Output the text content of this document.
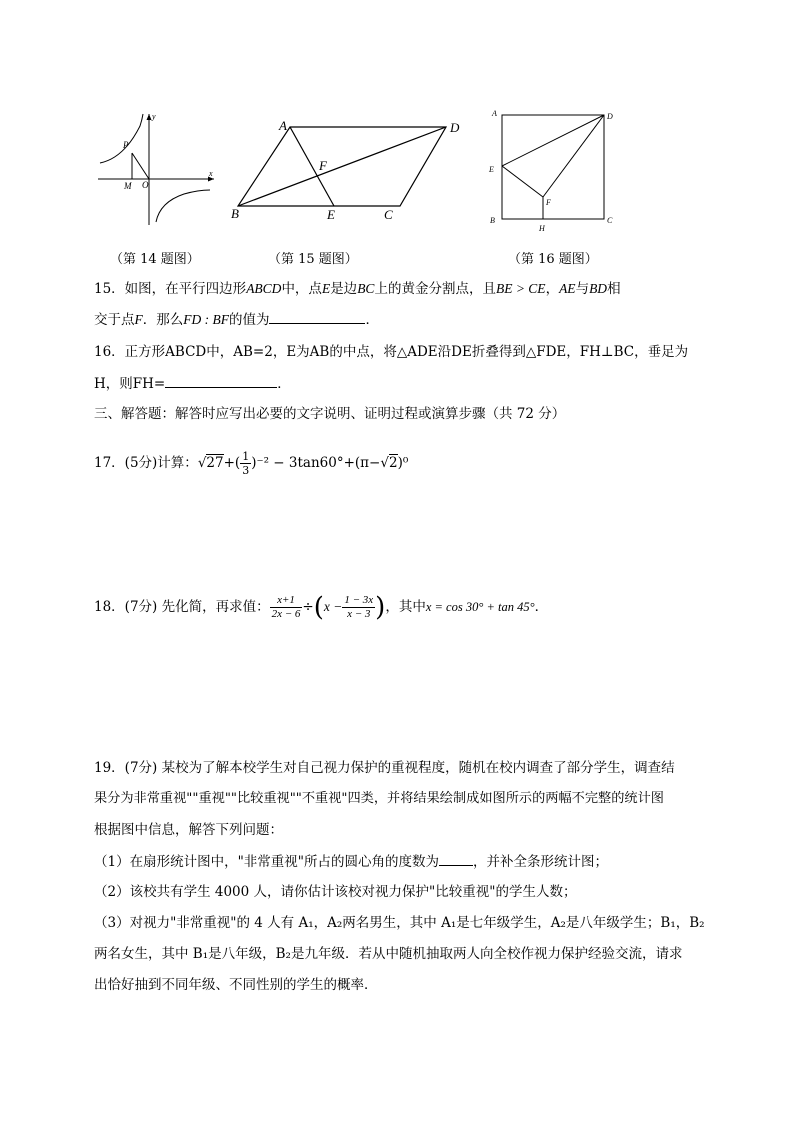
P
M O
x
y
（第 14 题图）
A	D
B	E	C
F
（第 15 题图）
A	D
E
F
B	C
H
（第 16 题图）
15．如图，在平行四边形ABCD中，点E是边BC上的黄金分割点，且BE > CE，AE与BD相
交于点F．那么FD : BF的值为	．
16．正方形ABCD中，AB=2，E为AB的中点，将△ADE沿DE折叠得到△FDE，FH⊥BC，垂足为
H，则FH=	．
三、解答题：解答时应写出必要的文字说明、证明过程或演算步骤（共 72 分）
17．(5分)计算：$√27+( \frac{1}{3} )^{-2} - 3\tan 60^\circ+(\pi-√2)^0$
18．(7分) 先化简，再求值： $\frac{x+1}{2x - 6} \div(x - \frac{1 - 3x}{x - 3}$ )，其中x = cos 30° + tan 45°．
19．(7分) 某校为了解本校学生对自己视力保护的重视程度，随机在校内调查了部分学生，调查结
果分为非常重视""重视""比较重视""不重视"四类，并将结果绘制成如图所示的两幅不完整的统计图
根据图中信息，解答下列问题：
（1）在扇形统计图中，"非常重视"所占的圆心角的度数为	，并补全条形统计图；
（2）该校共有学生 4000 人，请你估计该校对视力保护"比较重视"的学生人数；
（3）对视力"非常重视"的 4 人有 A₁，A₂两名男生，其中 A₁是七年级学生，A₂是八年级学生；B₁，B₂
两名女生，其中 B₁是八年级，B₂是九年级．若从中随机抽取两人向全校作视力保护经验交流，请求
出恰好抽到不同年级、不同性别的学生的概率．
